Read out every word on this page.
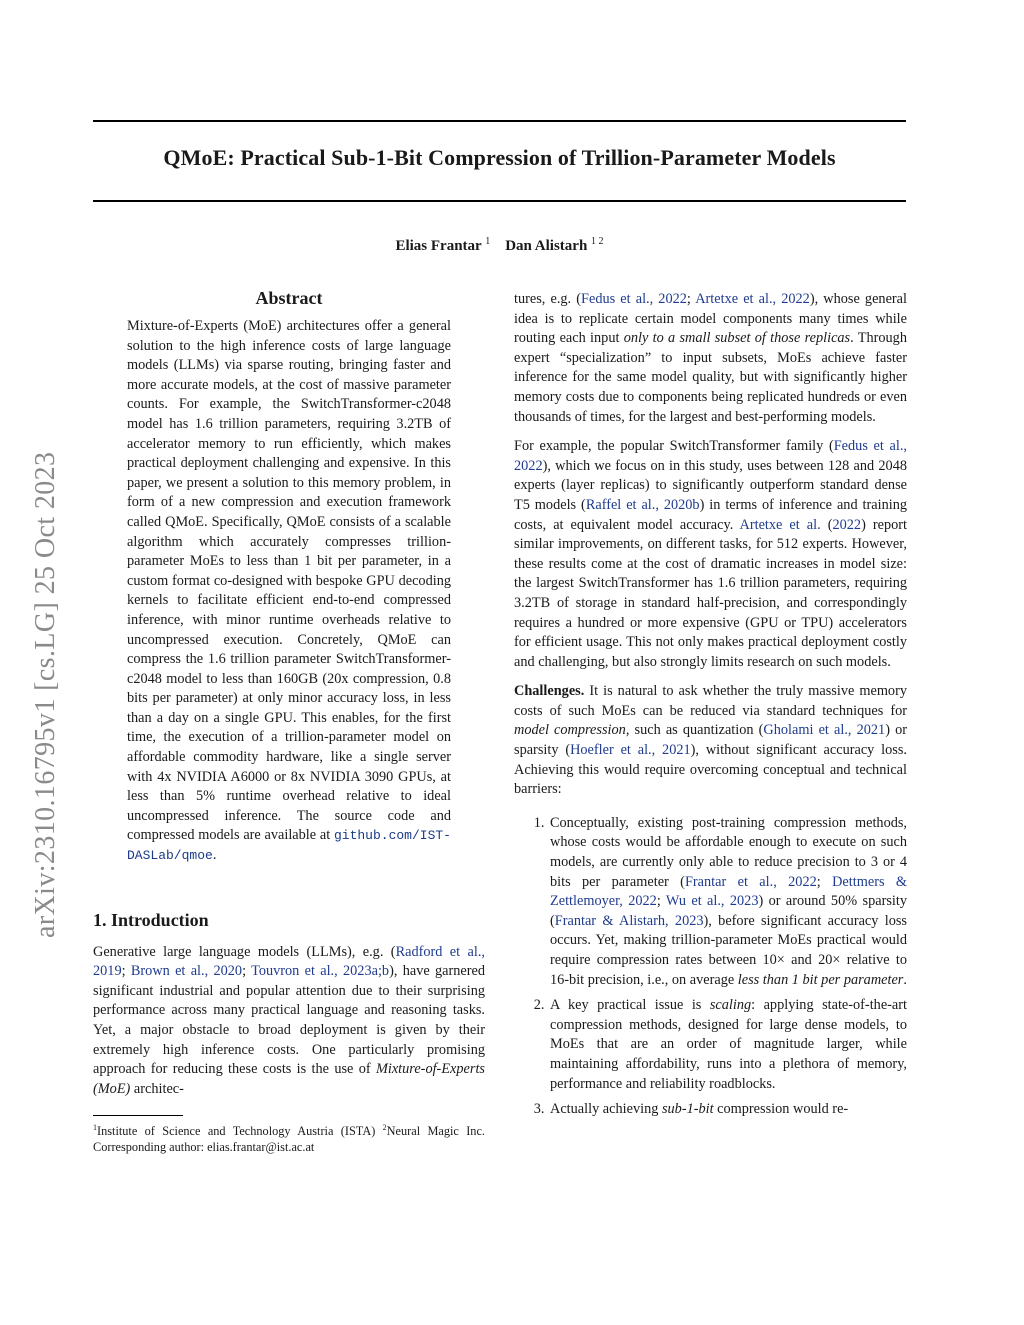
QMoE: Practical Sub-1-Bit Compression of Trillion-Parameter Models
Elias Frantar $^1$ Dan Alistarh $^{1 2}$
arXiv:2310.16795v1 [cs.LG] 25 Oct 2023
Abstract
Mixture-of-Experts (MoE) architectures offer a general solution to the high inference costs of large language models (LLMs) via sparse routing, bringing faster and more accurate models, at the cost of massive parameter counts. For example, the SwitchTransformer-c2048 model has 1.6 trillion parameters, requiring 3.2TB of accelerator memory to run efficiently, which makes practical deployment challenging and expensive. In this paper, we present a solution to this memory problem, in form of a new compression and execution framework called QMoE. Specifically, QMoE consists of a scalable algorithm which accurately compresses trillion-parameter MoEs to less than 1 bit per parameter, in a custom format co-designed with bespoke GPU decoding kernels to facilitate efficient end-to-end compressed inference, with minor runtime overheads relative to uncompressed execution. Concretely, QMoE can compress the 1.6 trillion parameter SwitchTransformer-c2048 model to less than 160GB (20x compression, 0.8 bits per parameter) at only minor accuracy loss, in less than a day on a single GPU. This enables, for the first time, the execution of a trillion-parameter model on affordable commodity hardware, like a single server with 4x NVIDIA A6000 or 8x NVIDIA 3090 GPUs, at less than 5% runtime overhead relative to ideal uncompressed inference. The source code and compressed models are available at github.com/IST-DASLab/qmoe.
1. Introduction

Generative large language models (LLMs), e.g. (Radford et al., 2019; Brown et al., 2020; Touvron et al., 2023a;b), have garnered significant industrial and popular attention due to their surprising performance across many practical language and reasoning tasks. Yet, a major obstacle to broad deployment is given by their extremely high inference costs. One particularly promising approach for reducing these costs is the use of Mixture-of-Experts (MoE) architec-

$^1$Institute of Science and Technology Austria (ISTA) $^2$Neural Magic Inc. Corresponding author: elias.frantar@ist.ac.at

tures, e.g. (Fedus et al., 2022; Artetxe et al., 2022), whose general idea is to replicate certain model components many times while routing each input only to a small subset of those replicas. Through expert “specialization” to input subsets, MoEs achieve faster inference for the same model quality, but with significantly higher memory costs due to components being replicated hundreds or even thousands of times, for the largest and best-performing models.

For example, the popular SwitchTransformer family (Fedus et al., 2022), which we focus on in this study, uses between 128 and 2048 experts (layer replicas) to significantly outperform standard dense T5 models (Raffel et al., 2020b) in terms of inference and training costs, at equivalent model accuracy. Artetxe et al. (2022) report similar improvements, on different tasks, for 512 experts. However, these results come at the cost of dramatic increases in model size: the largest SwitchTransformer has 1.6 trillion parameters, requiring 3.2TB of storage in standard half-precision, and correspondingly requires a hundred or more expensive (GPU or TPU) accelerators for efficient usage. This not only makes practical deployment costly and challenging, but also strongly limits research on such models.

Challenges. It is natural to ask whether the truly massive memory costs of such MoEs can be reduced via standard techniques for model compression, such as quantization (Gholami et al., 2021) or sparsity (Hoefler et al., 2021), without significant accuracy loss. Achieving this would require overcoming conceptual and technical barriers:

1. Conceptually, existing post-training compression methods, whose costs would be affordable enough to execute on such models, are currently only able to reduce precision to 3 or 4 bits per parameter (Frantar et al., 2022; Dettmers & Zettlemoyer, 2022; Wu et al., 2023) or around 50% sparsity (Frantar & Alistarh, 2023), before significant accuracy loss occurs. Yet, making trillion-parameter MoEs practical would require compression rates between 10× and 20× relative to 16-bit precision, i.e., on average less than 1 bit per parameter.
2. A key practical issue is scaling: applying state-of-the-art compression methods, designed for large dense models, to MoEs that are an order of magnitude larger, while maintaining affordability, runs into a plethora of memory, performance and reliability roadblocks.
3. Actually achieving sub-1-bit compression would re-
